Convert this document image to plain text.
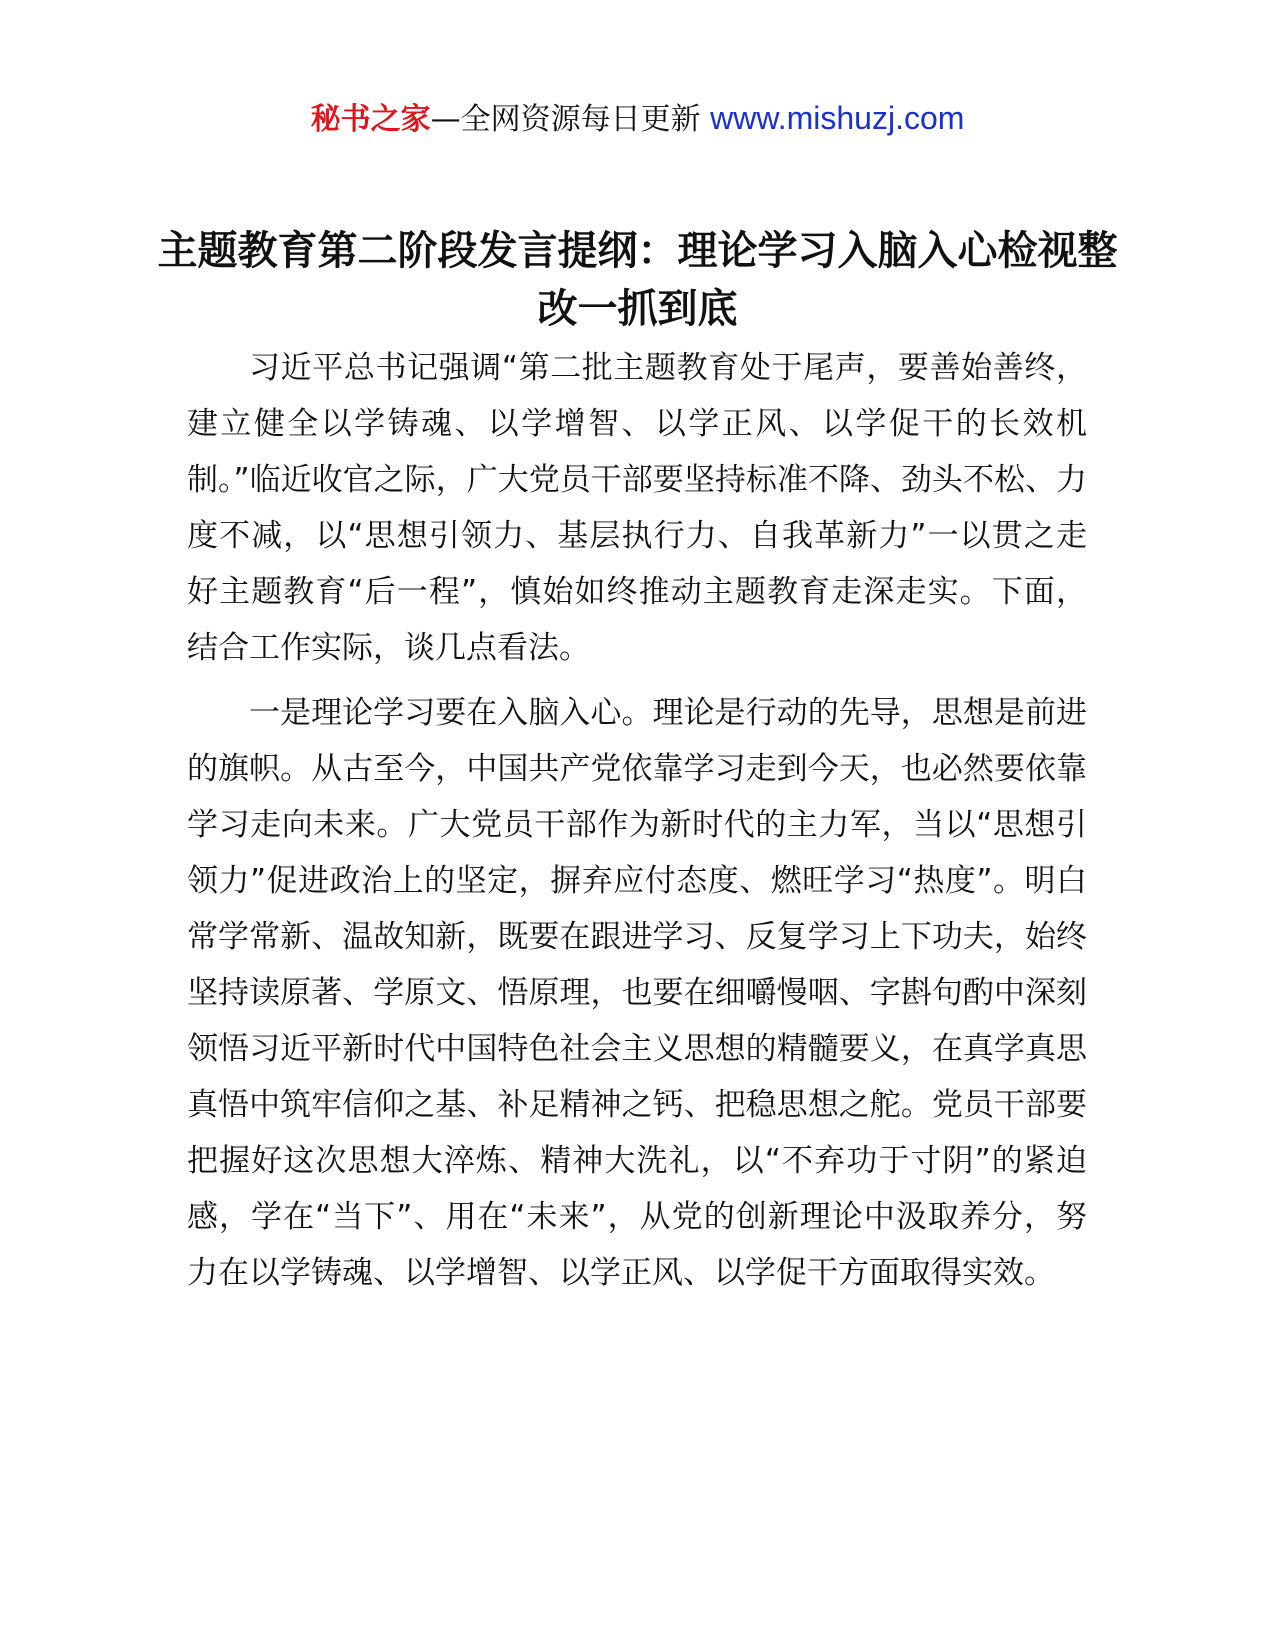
秘书之家—全网资源每日更新 www.mishuzj.com
主题教育第二阶段发言提纲：理论学习入脑入心检视整改一抓到底

习近平总书记强调“第二批主题教育处于尾声，要善始善终，建立健全以学铸魂、以学增智、以学正风、以学促干的长效机制。”临近收官之际，广大党员干部要坚持标准不降、劲头不松、力度不减，以“思想引领力、基层执行力、自我革新力”一以贯之走好主题教育“后一程”，慎始如终推动主题教育走深走实。下面，结合工作实际，谈几点看法。

一是理论学习要在入脑入心。理论是行动的先导，思想是前进的旗帜。从古至今，中国共产党依靠学习走到今天，也必然要依靠学习走向未来。广大党员干部作为新时代的主力军，当以“思想引领力”促进政治上的坚定，摒弃应付态度、燃旺学习“热度”。明白常学常新、温故知新，既要在跟进学习、反复学习上下功夫，始终坚持读原著、学原文、悟原理，也要在细嚼慢咽、字斟句酌中深刻领悟习近平新时代中国特色社会主义思想的精髓要义，在真学真思真悟中筑牢信仰之基、补足精神之钙、把稳思想之舵。党员干部要把握好这次思想大淬炼、精神大洗礼，以“不弃功于寸阴”的紧迫感，学在“当下”、用在“未来”，从党的创新理论中汲取养分，努力在以学铸魂、以学增智、以学正风、以学促干方面取得实效。
